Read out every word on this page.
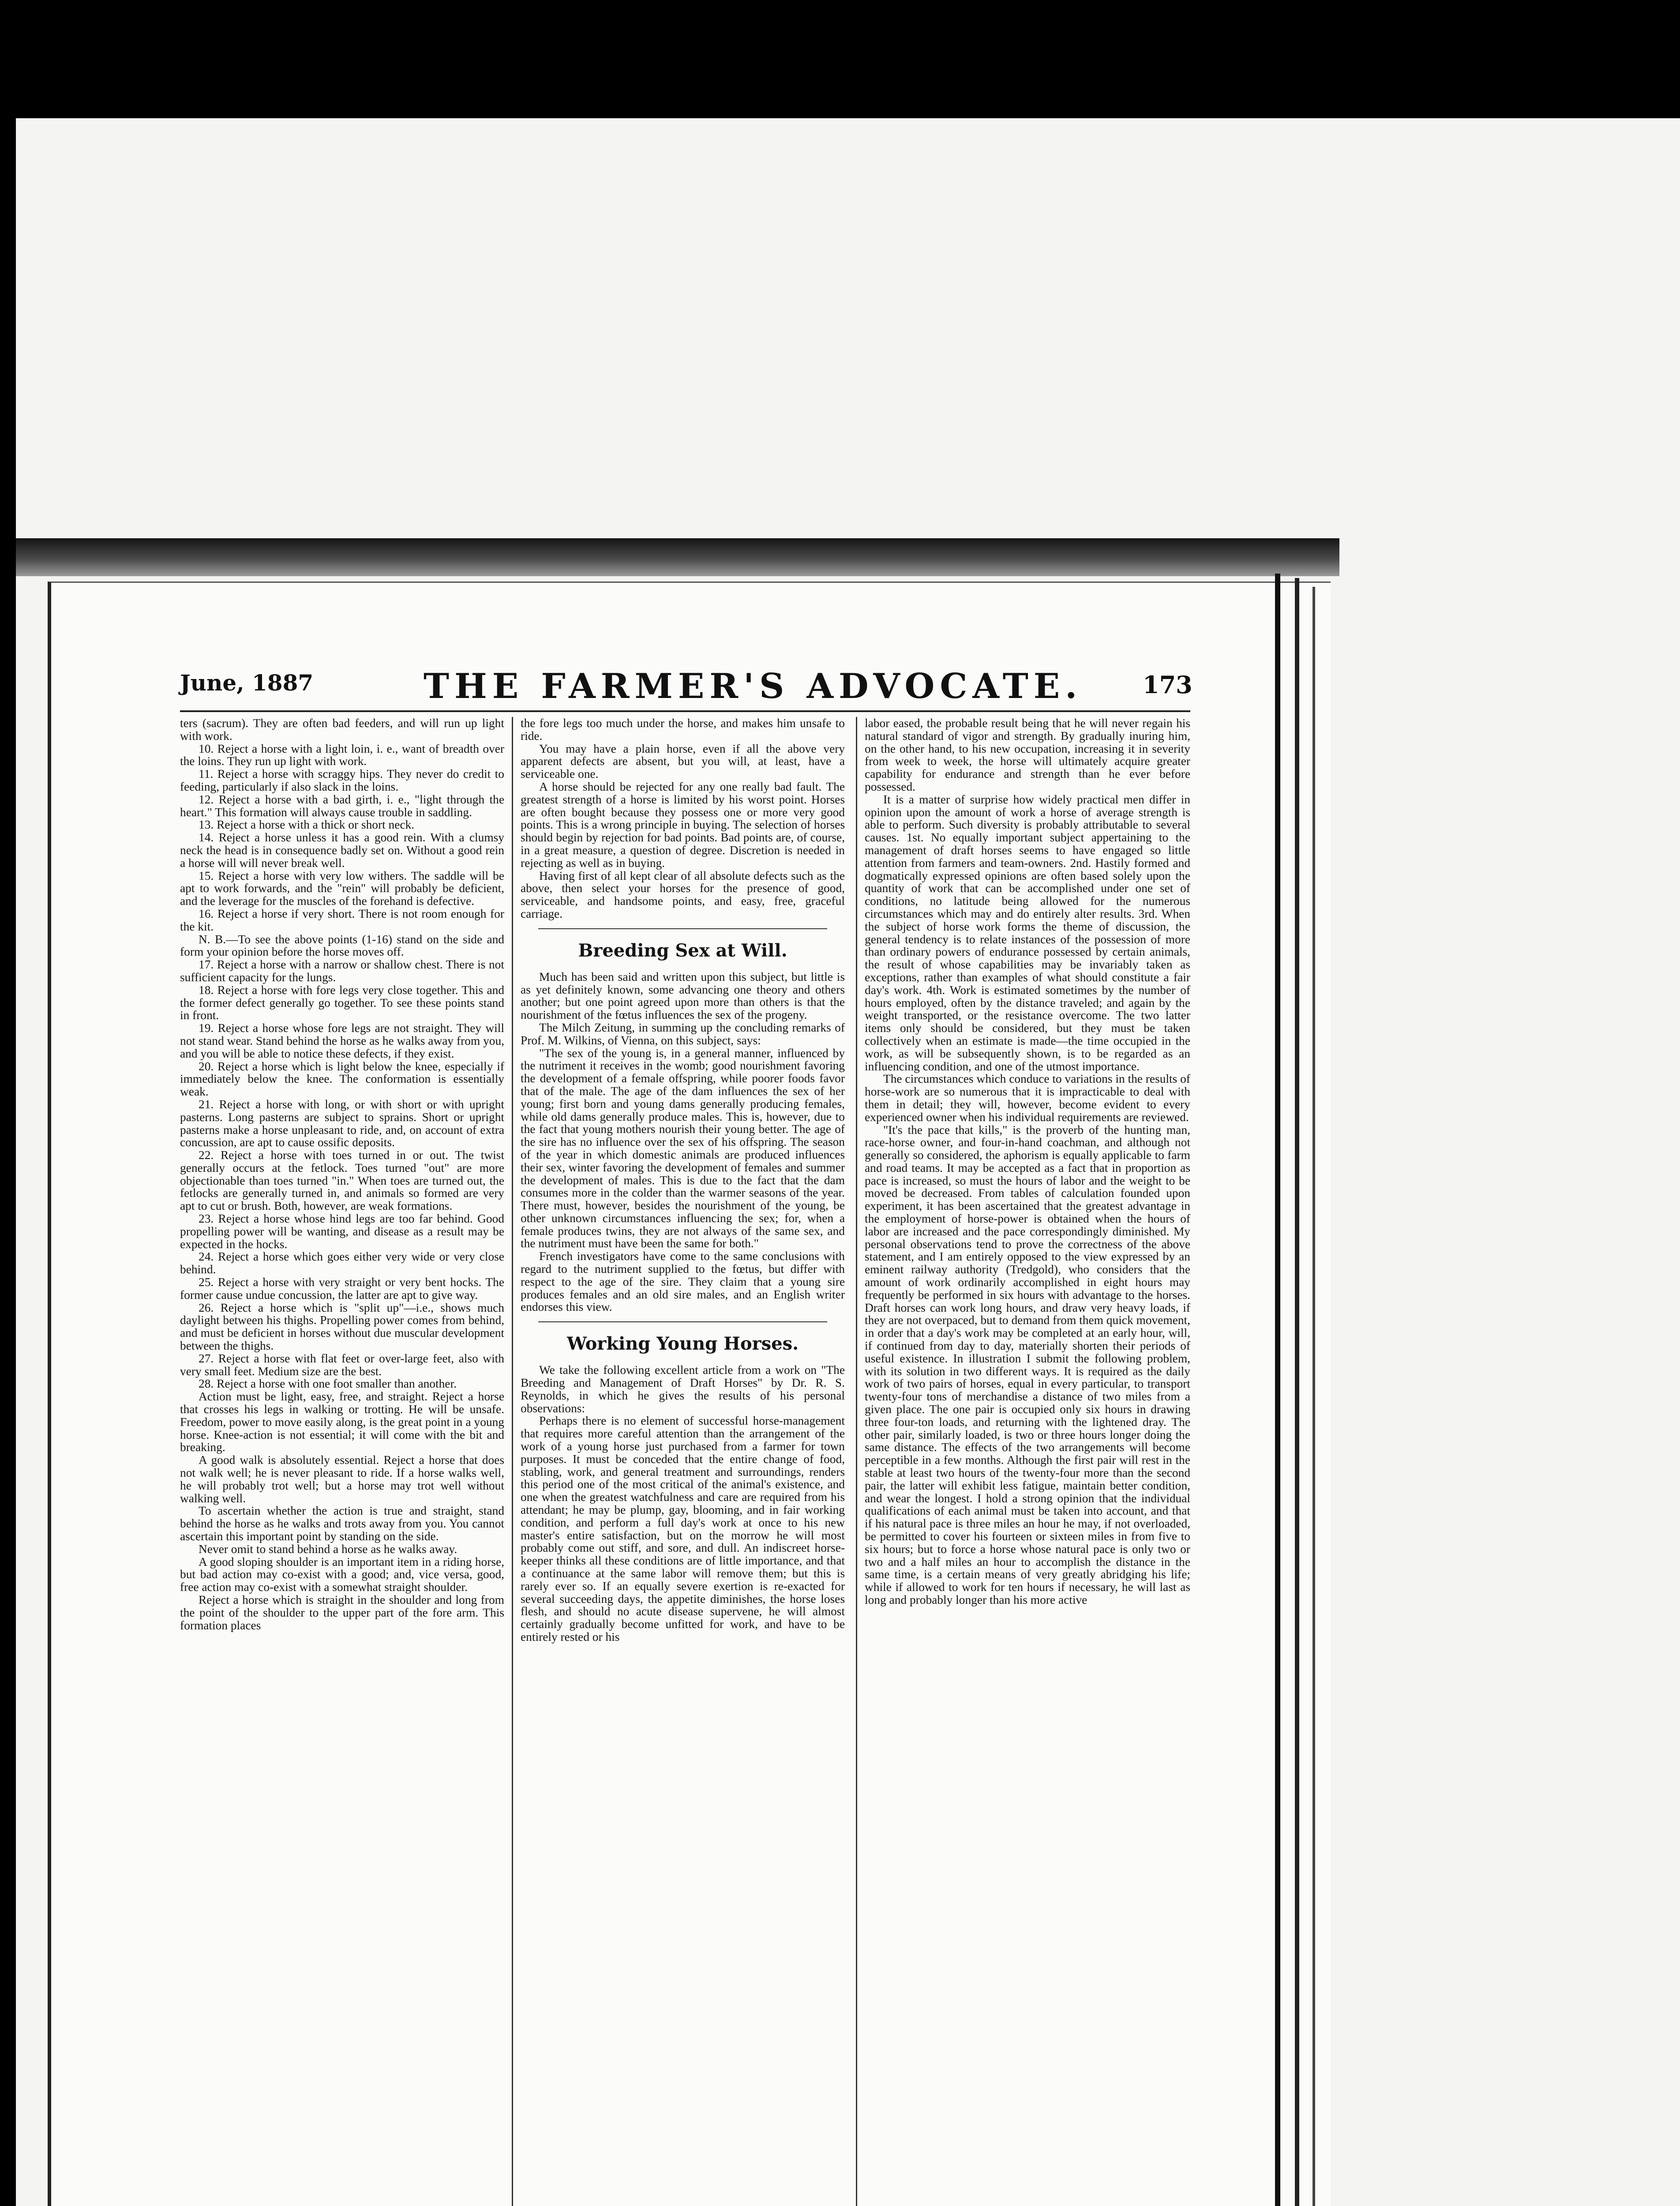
June, 1887	THE FARMER'S ADVOCATE.	173

ters (sacrum). They are often bad feeders, and will run up light with work.

10. Reject a horse with a light loin, i. e., want of breadth over the loins. They run up light with work.

11. Reject a horse with scraggy hips. They never do credit to feeding, particularly if also slack in the loins.

12. Reject a horse with a bad girth, i. e., "light through the heart." This formation will always cause trouble in saddling.

13. Reject a horse with a thick or short neck.

14. Reject a horse unless it has a good rein. With a clumsy neck the head is in consequence badly set on. Without a good rein a horse will will never break well.

15. Reject a horse with very low withers. The saddle will be apt to work forwards, and the "rein" will probably be deficient, and the leverage for the muscles of the forehand is defective.

16. Reject a horse if very short. There is not room enough for the kit.

N. B.—To see the above points (1-16) stand on the side and form your opinion before the horse moves off.

17. Reject a horse with a narrow or shallow chest. There is not sufficient capacity for the lungs.

18. Reject a horse with fore legs very close together. This and the former defect generally go together. To see these points stand in front.

19. Reject a horse whose fore legs are not straight. They will not stand wear. Stand behind the horse as he walks away from you, and you will be able to notice these defects, if they exist.

20. Reject a horse which is light below the knee, especially if immediately below the knee. The conformation is essentially weak.

21. Reject a horse with long, or with short or with upright pasterns. Long pasterns are subject to sprains. Short or upright pasterns make a horse unpleasant to ride, and, on account of extra concussion, are apt to cause ossific deposits.

22. Reject a horse with toes turned in or out. The twist generally occurs at the fetlock. Toes turned "out" are more objectionable than toes turned "in." When toes are turned out, the fetlocks are generally turned in, and animals so formed are very apt to cut or brush. Both, however, are weak formations.

23. Reject a horse whose hind legs are too far behind. Good propelling power will be wanting, and disease as a result may be expected in the hocks.

24. Reject a horse which goes either very wide or very close behind.

25. Reject a horse with very straight or very bent hocks. The former cause undue concussion, the latter are apt to give way.

26. Reject a horse which is "split up"—i.e., shows much daylight between his thighs. Propelling power comes from behind, and must be deficient in horses without due muscular development between the thighs.

27. Reject a horse with flat feet or over-large feet, also with very small feet. Medium size are the best.

28. Reject a horse with one foot smaller than another.

Action must be light, easy, free, and straight. Reject a horse that crosses his legs in walking or trotting. He will be unsafe. Freedom, power to move easily along, is the great point in a young horse. Knee-action is not essential; it will come with the bit and breaking.

A good walk is absolutely essential. Reject a horse that does not walk well; he is never pleasant to ride. If a horse walks well, he will probably trot well; but a horse may trot well without walking well.

To ascertain whether the action is true and straight, stand behind the horse as he walks and trots away from you. You cannot ascertain this important point by standing on the side.

Never omit to stand behind a horse as he walks away.

A good sloping shoulder is an important item in a riding horse, but bad action may co-exist with a good; and, vice versa, good, free action may co-exist with a somewhat straight shoulder.

Reject a horse which is straight in the shoulder and long from the point of the shoulder to the upper part of the fore arm. This formation places

the fore legs too much under the horse, and makes him unsafe to ride.

You may have a plain horse, even if all the above very apparent defects are absent, but you will, at least, have a serviceable one.

A horse should be rejected for any one really bad fault. The greatest strength of a horse is limited by his worst point. Horses are often bought because they possess one or more very good points. This is a wrong principle in buying. The selection of horses should begin by rejection for bad points. Bad points are, of course, in a great measure, a question of degree. Discretion is needed in rejecting as well as in buying.

Having first of all kept clear of all absolute defects such as the above, then select your horses for the presence of good, serviceable, and handsome points, and easy, free, graceful carriage.

Breeding Sex at Will.

Much has been said and written upon this subject, but little is as yet definitely known, some advancing one theory and others another; but one point agreed upon more than others is that the nourishment of the fœtus influences the sex of the progeny.

The Milch Zeitung, in summing up the concluding remarks of Prof. M. Wilkins, of Vienna, on this subject, says:

"The sex of the young is, in a general manner, influenced by the nutriment it receives in the womb; good nourishment favoring the development of a female offspring, while poorer foods favor that of the male. The age of the dam influences the sex of her young; first born and young dams generally producing females, while old dams generally produce males. This is, however, due to the fact that young mothers nourish their young better. The age of the sire has no influence over the sex of his offspring. The season of the year in which domestic animals are produced influences their sex, winter favoring the development of females and summer the development of males. This is due to the fact that the dam consumes more in the colder than the warmer seasons of the year. There must, however, besides the nourishment of the young, be other unknown circumstances influencing the sex; for, when a female produces twins, they are not always of the same sex, and the nutriment must have been the same for both."

French investigators have come to the same conclusions with regard to the nutriment supplied to the fœtus, but differ with respect to the age of the sire. They claim that a young sire produces females and an old sire males, and an English writer endorses this view.

Working Young Horses.

We take the following excellent article from a work on "The Breeding and Management of Draft Horses" by Dr. R. S. Reynolds, in which he gives the results of his personal observations:

Perhaps there is no element of successful horse-management that requires more careful attention than the arrangement of the work of a young horse just purchased from a farmer for town purposes. It must be conceded that the entire change of food, stabling, work, and general treatment and surroundings, renders this period one of the most critical of the animal's existence, and one when the greatest watchfulness and care are required from his attendant; he may be plump, gay, blooming, and in fair working condition, and perform a full day's work at once to his new master's entire satisfaction, but on the morrow he will most probably come out stiff, and sore, and dull. An indiscreet horse-keeper thinks all these conditions are of little importance, and that a continuance at the same labor will remove them; but this is rarely ever so. If an equally severe exertion is re-exacted for several succeeding days, the appetite diminishes, the horse loses flesh, and should no acute disease supervene, he will almost certainly gradually become unfitted for work, and have to be entirely rested or his

labor eased, the probable result being that he will never regain his natural standard of vigor and strength. By gradually inuring him, on the other hand, to his new occupation, increasing it in severity from week to week, the horse will ultimately acquire greater capability for endurance and strength than he ever before possessed.

It is a matter of surprise how widely practical men differ in opinion upon the amount of work a horse of average strength is able to perform. Such diversity is probably attributable to several causes. 1st. No equally important subject appertaining to the management of draft horses seems to have engaged so little attention from farmers and team-owners. 2nd. Hastily formed and dogmatically expressed opinions are often based solely upon the quantity of work that can be accomplished under one set of conditions, no latitude being allowed for the numerous circumstances which may and do entirely alter results. 3rd. When the subject of horse work forms the theme of discussion, the general tendency is to relate instances of the possession of more than ordinary powers of endurance possessed by certain animals, the result of whose capabilities may be invariably taken as exceptions, rather than examples of what should constitute a fair day's work. 4th. Work is estimated sometimes by the number of hours employed, often by the distance traveled; and again by the weight transported, or the resistance overcome. The two latter items only should be considered, but they must be taken collectively when an estimate is made—the time occupied in the work, as will be subsequently shown, is to be regarded as an influencing condition, and one of the utmost importance.

The circumstances which conduce to variations in the results of horse-work are so numerous that it is impracticable to deal with them in detail; they will, however, become evident to every experienced owner when his individual requirements are reviewed.

"It's the pace that kills," is the proverb of the hunting man, race-horse owner, and four-in-hand coachman, and although not generally so considered, the aphorism is equally applicable to farm and road teams. It may be accepted as a fact that in proportion as pace is increased, so must the hours of labor and the weight to be moved be decreased. From tables of calculation founded upon experiment, it has been ascertained that the greatest advantage in the employment of horse-power is obtained when the hours of labor are increased and the pace correspondingly diminished. My personal observations tend to prove the correctness of the above statement, and I am entirely opposed to the view expressed by an eminent railway authority (Tredgold), who considers that the amount of work ordinarily accomplished in eight hours may frequently be performed in six hours with advantage to the horses. Draft horses can work long hours, and draw very heavy loads, if they are not overpaced, but to demand from them quick movement, in order that a day's work may be completed at an early hour, will, if continued from day to day, materially shorten their periods of useful existence. In illustration I submit the following problem, with its solution in two different ways. It is required as the daily work of two pairs of horses, equal in every particular, to transport twenty-four tons of merchandise a distance of two miles from a given place. The one pair is occupied only six hours in drawing three four-ton loads, and returning with the lightened dray. The other pair, similarly loaded, is two or three hours longer doing the same distance. The effects of the two arrangements will become perceptible in a few months. Although the first pair will rest in the stable at least two hours of the twenty-four more than the second pair, the latter will exhibit less fatigue, maintain better condition, and wear the longest. I hold a strong opinion that the individual qualifications of each animal must be taken into account, and that if his natural pace is three miles an hour he may, if not overloaded, be permitted to cover his fourteen or sixteen miles in from five to six hours; but to force a horse whose natural pace is only two or two and a half miles an hour to accomplish the distance in the same time, is a certain means of very greatly abridging his life; while if allowed to work for ten hours if necessary, he will last as long and probably longer than his more active
